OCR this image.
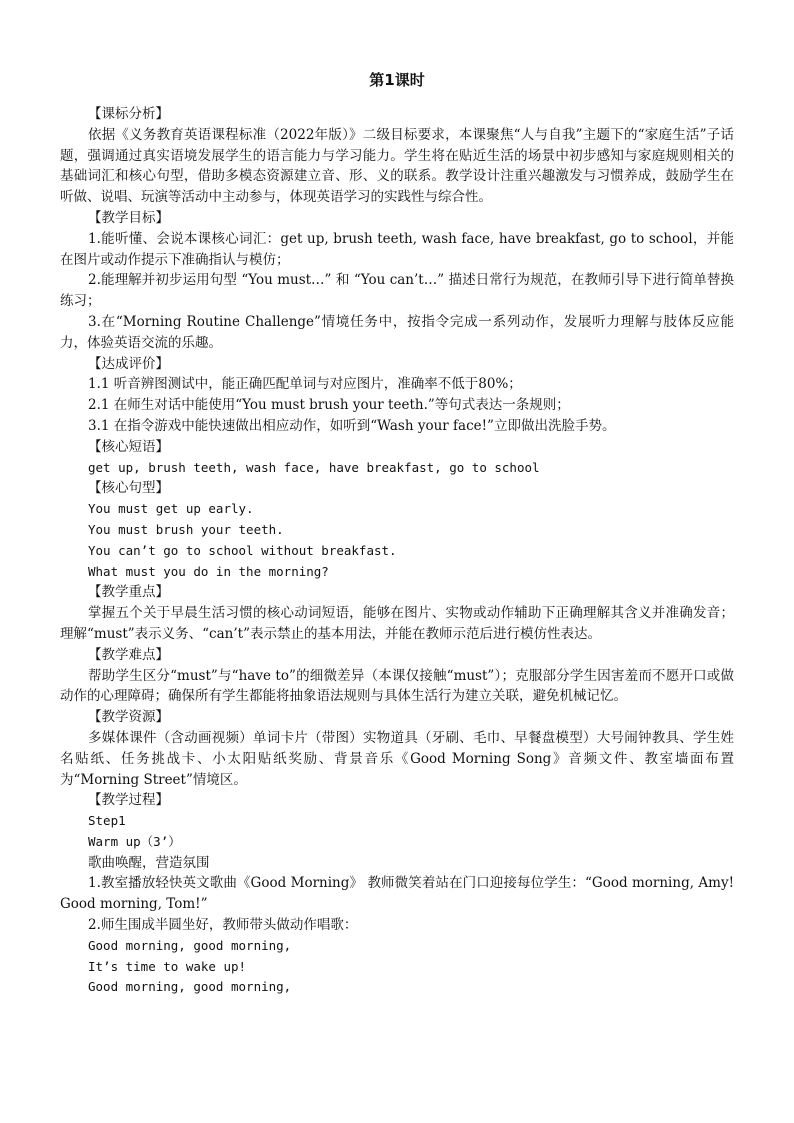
第1课时

【课标分析】

依据《义务教育英语课程标准（2022年版）》二级目标要求，本课聚焦“人与自我”主题下的“家庭生活”子话题，强调通过真实语境发展学生的语言能力与学习能力。学生将在贴近生活的场景中初步感知与家庭规则相关的基础词汇和核心句型，借助多模态资源建立音、形、义的联系。教学设计注重兴趣激发与习惯养成，鼓励学生在听做、说唱、玩演等活动中主动参与，体现英语学习的实践性与综合性。

【教学目标】

1.能听懂、会说本课核心词汇：get up, brush teeth, wash face, have breakfast, go to school，并能在图片或动作提示下准确指认与模仿；

2.能理解并初步运用句型 “You must…” 和 “You can’t…” 描述日常行为规范，在教师引导下进行简单替换练习；

3.在“Morning Routine Challenge”情境任务中，按指令完成一系列动作，发展听力理解与肢体反应能力，体验英语交流的乐趣。

【达成评价】

1.1 听音辨图测试中，能正确匹配单词与对应图片，准确率不低于80%；

2.1 在师生对话中能使用“You must brush your teeth.”等句式表达一条规则；

3.1 在指令游戏中能快速做出相应动作，如听到“Wash your face!”立即做出洗脸手势。

【核心短语】

get up, brush teeth, wash face, have breakfast, go to school

【核心句型】

You must get up early.

You must brush your teeth.

You can’t go to school without breakfast.

What must you do in the morning?

【教学重点】

掌握五个关于早晨生活习惯的核心动词短语，能够在图片、实物或动作辅助下正确理解其含义并准确发音；理解“must”表示义务、“can’t”表示禁止的基本用法，并能在教师示范后进行模仿性表达。

【教学难点】

帮助学生区分“must”与“have to”的细微差异（本课仅接触“must”）；克服部分学生因害羞而不愿开口或做动作的心理障碍；确保所有学生都能将抽象语法规则与具体生活行为建立关联，避免机械记忆。

【教学资源】

多媒体课件（含动画视频）单词卡片（带图）实物道具（牙刷、毛巾、早餐盘模型）大号闹钟教具、学生姓名贴纸、任务挑战卡、小太阳贴纸奖励、背景音乐《Good Morning Song》音频文件、教室墙面布置为“Morning Street”情境区。

【教学过程】

Step1

Warm up（3’）

歌曲唤醒，营造氛围

1.教室播放轻快英文歌曲《Good Morning》 教师微笑着站在门口迎接每位学生：“Good morning, Amy! Good morning, Tom!”

2.师生围成半圆坐好，教师带头做动作唱歌：

Good morning, good morning,

It’s time to wake up!

Good morning, good morning,
